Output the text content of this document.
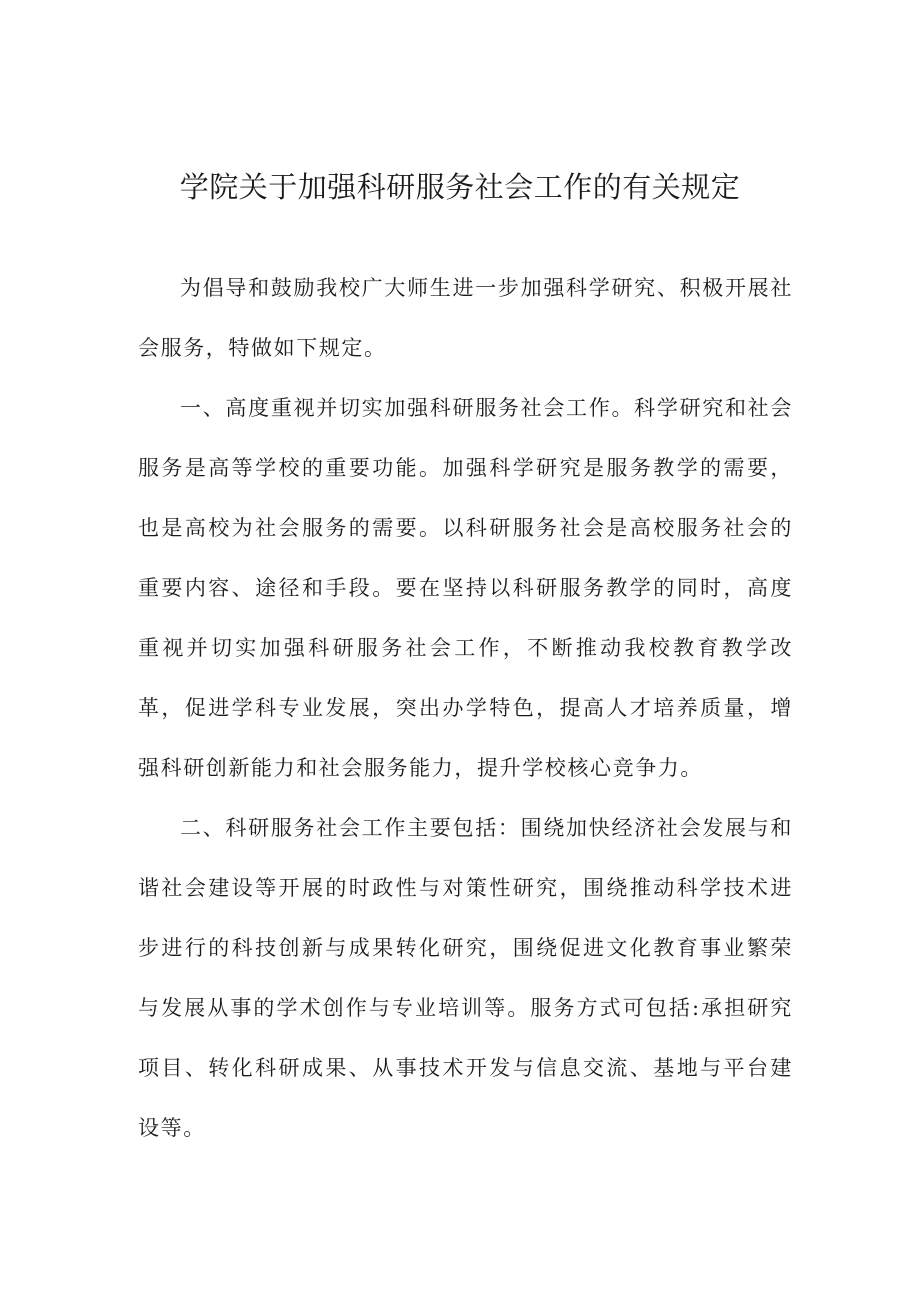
学院关于加强科研服务社会工作的有关规定

为倡导和鼓励我校广大师生进一步加强科学研究、积极开展社会服务，特做如下规定。

一、高度重视并切实加强科研服务社会工作。科学研究和社会服务是高等学校的重要功能。加强科学研究是服务教学的需要，也是高校为社会服务的需要。以科研服务社会是高校服务社会的重要内容、途径和手段。要在坚持以科研服务教学的同时，高度重视并切实加强科研服务社会工作，不断推动我校教育教学改革，促进学科专业发展，突出办学特色，提高人才培养质量，增强科研创新能力和社会服务能力，提升学校核心竞争力。

二、科研服务社会工作主要包括：围绕加快经济社会发展与和谐社会建设等开展的时政性与对策性研究，围绕推动科学技术进步进行的科技创新与成果转化研究，围绕促进文化教育事业繁荣与发展从事的学术创作与专业培训等。服务方式可包括:承担研究项目、转化科研成果、从事技术开发与信息交流、基地与平台建设等。
